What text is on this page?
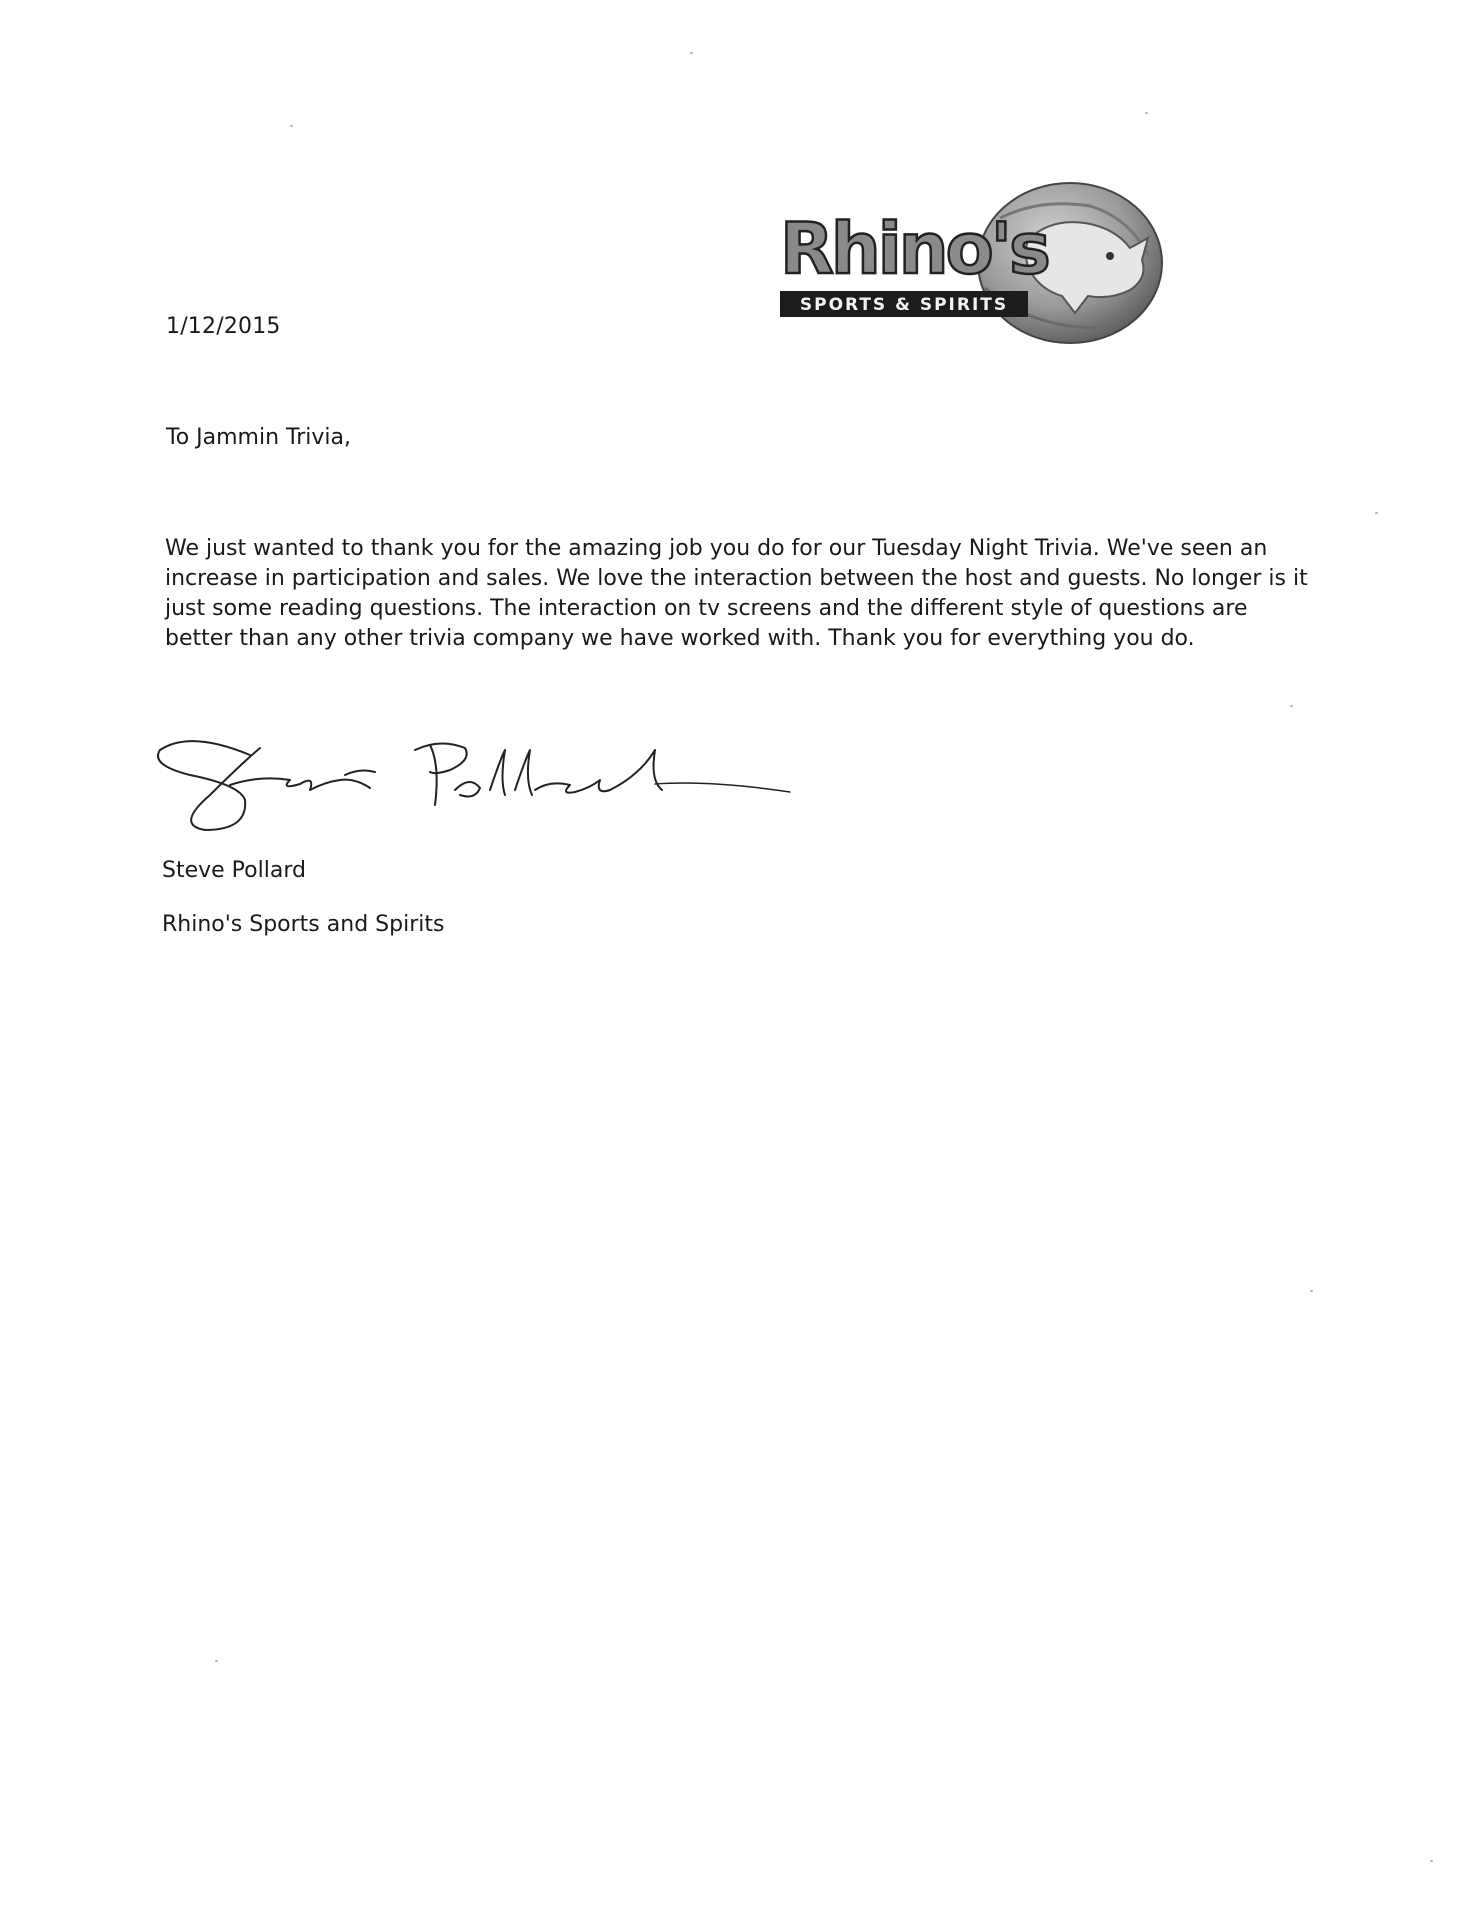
Rhino's
SPORTS & SPIRITS
1/12/2015
To Jammin Trivia,
We just wanted to thank you for the amazing job you do for our Tuesday Night Trivia. We've seen an
increase in participation and sales. We love the interaction between the host and guests. No longer is it
just some reading questions. The interaction on tv screens and the different style of questions are
better than any other trivia company we have worked with. Thank you for everything you do.
Steve Pollard
Rhino's Sports and Spirits
